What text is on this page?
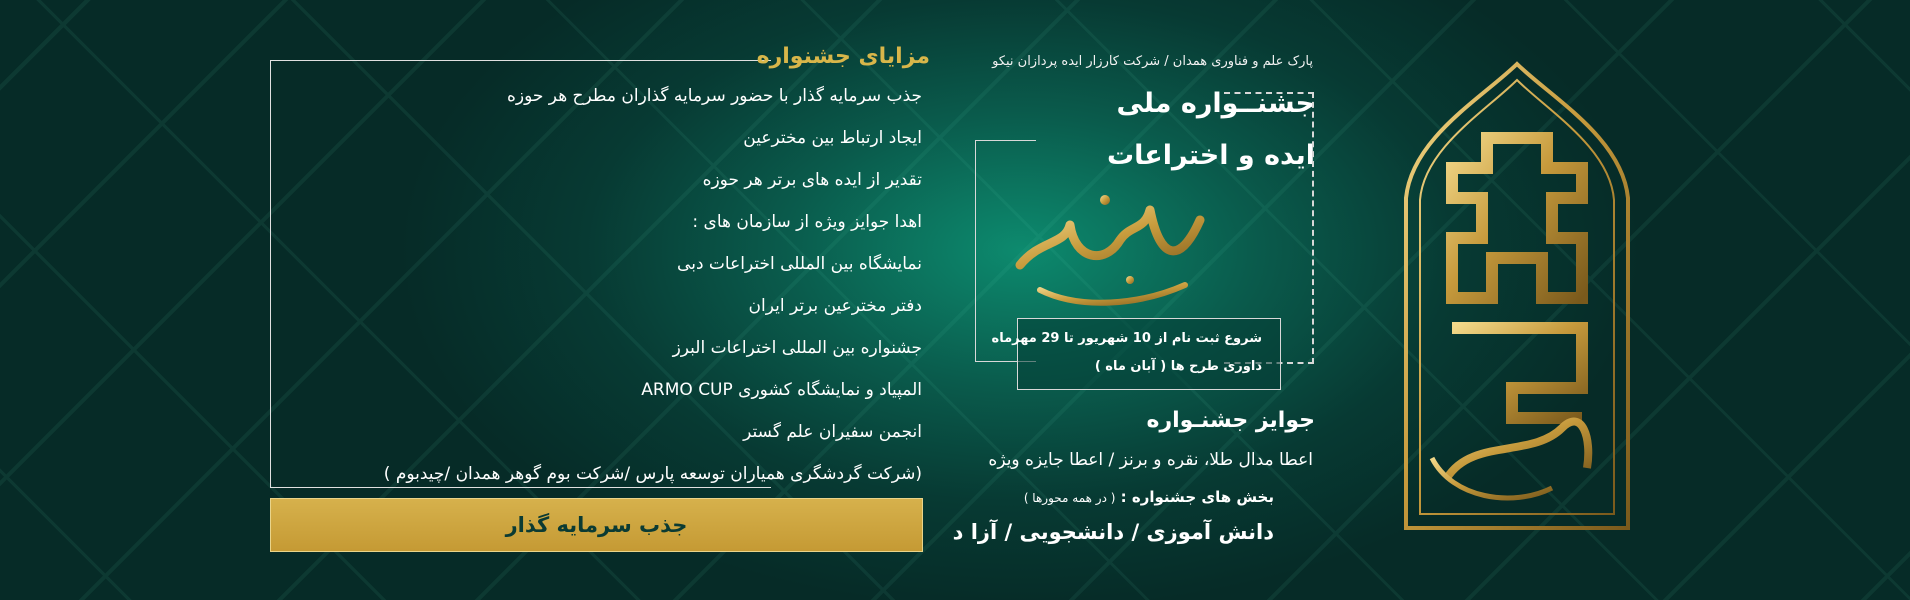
پارک علم و فناوری همدان / شرکت کارزار ایده پردازان نیکو
جشنــواره ملی
ایده و اختراعات
شروع ثبت نام از 10 شهریور تا 29 مهرماه
داوری طرح ها ( آبان ماه )
جوایز جشنـواره
اعطا مدال طلا، نقره و برنز / اعطا جایزه ویژه
بخش های جشنواره : ( در همه محورها )
دانش آموزی / دانشجویی / آزا د
مزایای جشنواره
جذب سرمایه گذار با حضور سرمایه گذاران مطرح هر حوزه
ایجاد ارتباط بین مخترعین
تقدیر از ایده های برتر هر حوزه
اهدا جوایز ویژه از سازمان های :
نمایشگاه بین المللی اختراعات دبی
دفتر مخترعین برتر ایران
جشنواره بین المللی اختراعات البرز
المپیاد و نمایشگاه کشوری ARMO CUP
انجمن سفیران علم گستر
(شرکت گردشگری همیاران توسعه پارس /شرکت بوم گوهر همدان /چیدبوم )
جذب سرمایه گذار
